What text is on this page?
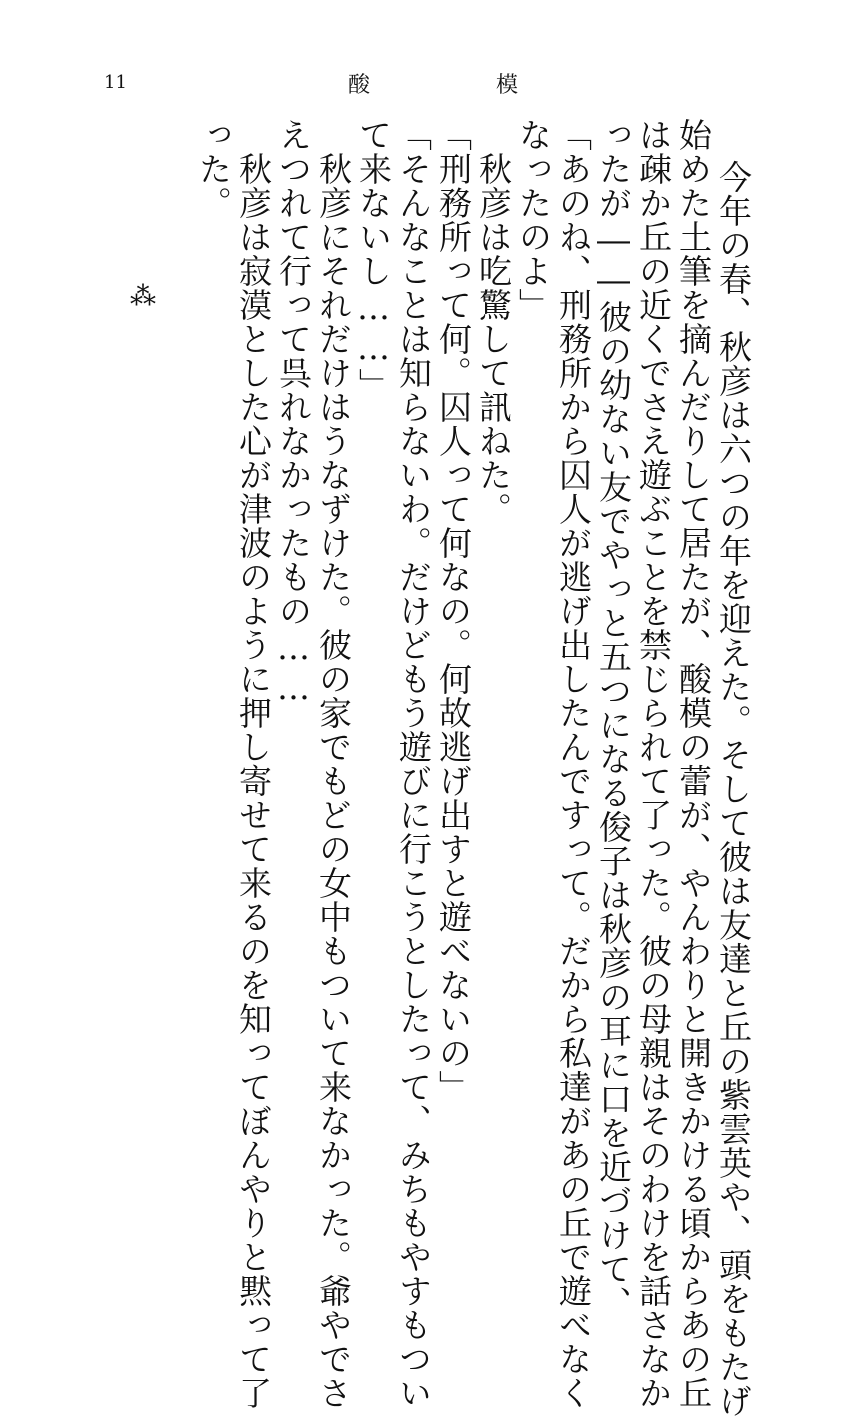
11	酸	模
今年の春、秋彦は六つの年を迎えた。そして彼は友達と丘の紫雲英や、頭をもたげ
始めた土筆を摘んだりして居たが、酸模の蕾が、やんわりと開きかける頃からあの丘
は疎か丘の近くでさえ遊ぶことを禁じられて了った。彼の母親はそのわけを話さなか
ったが――彼の幼ない友でやっと五つになる俊子は秋彦の耳に口を近づけて、
「あのね、刑務所から囚人が逃げ出したんですって。だから私達があの丘で遊べなく
なったのよ」
　秋彦は吃驚して訊ねた。
「刑務所って何。囚人って何なの。何故逃げ出すと遊べないの」
「そんなことは知らないわ。だけどもう遊びに行こうとしたって、みちもやすもつい
て来ないし……」
　秋彦にそれだけはうなずけた。彼の家でもどの女中もついて来なかった。爺やでさ
えつれて行って呉れなかったもの……
　秋彦は寂漠とした心が津波のように押し寄せて来るのを知ってぼんやりと黙って了
った。
⁂
